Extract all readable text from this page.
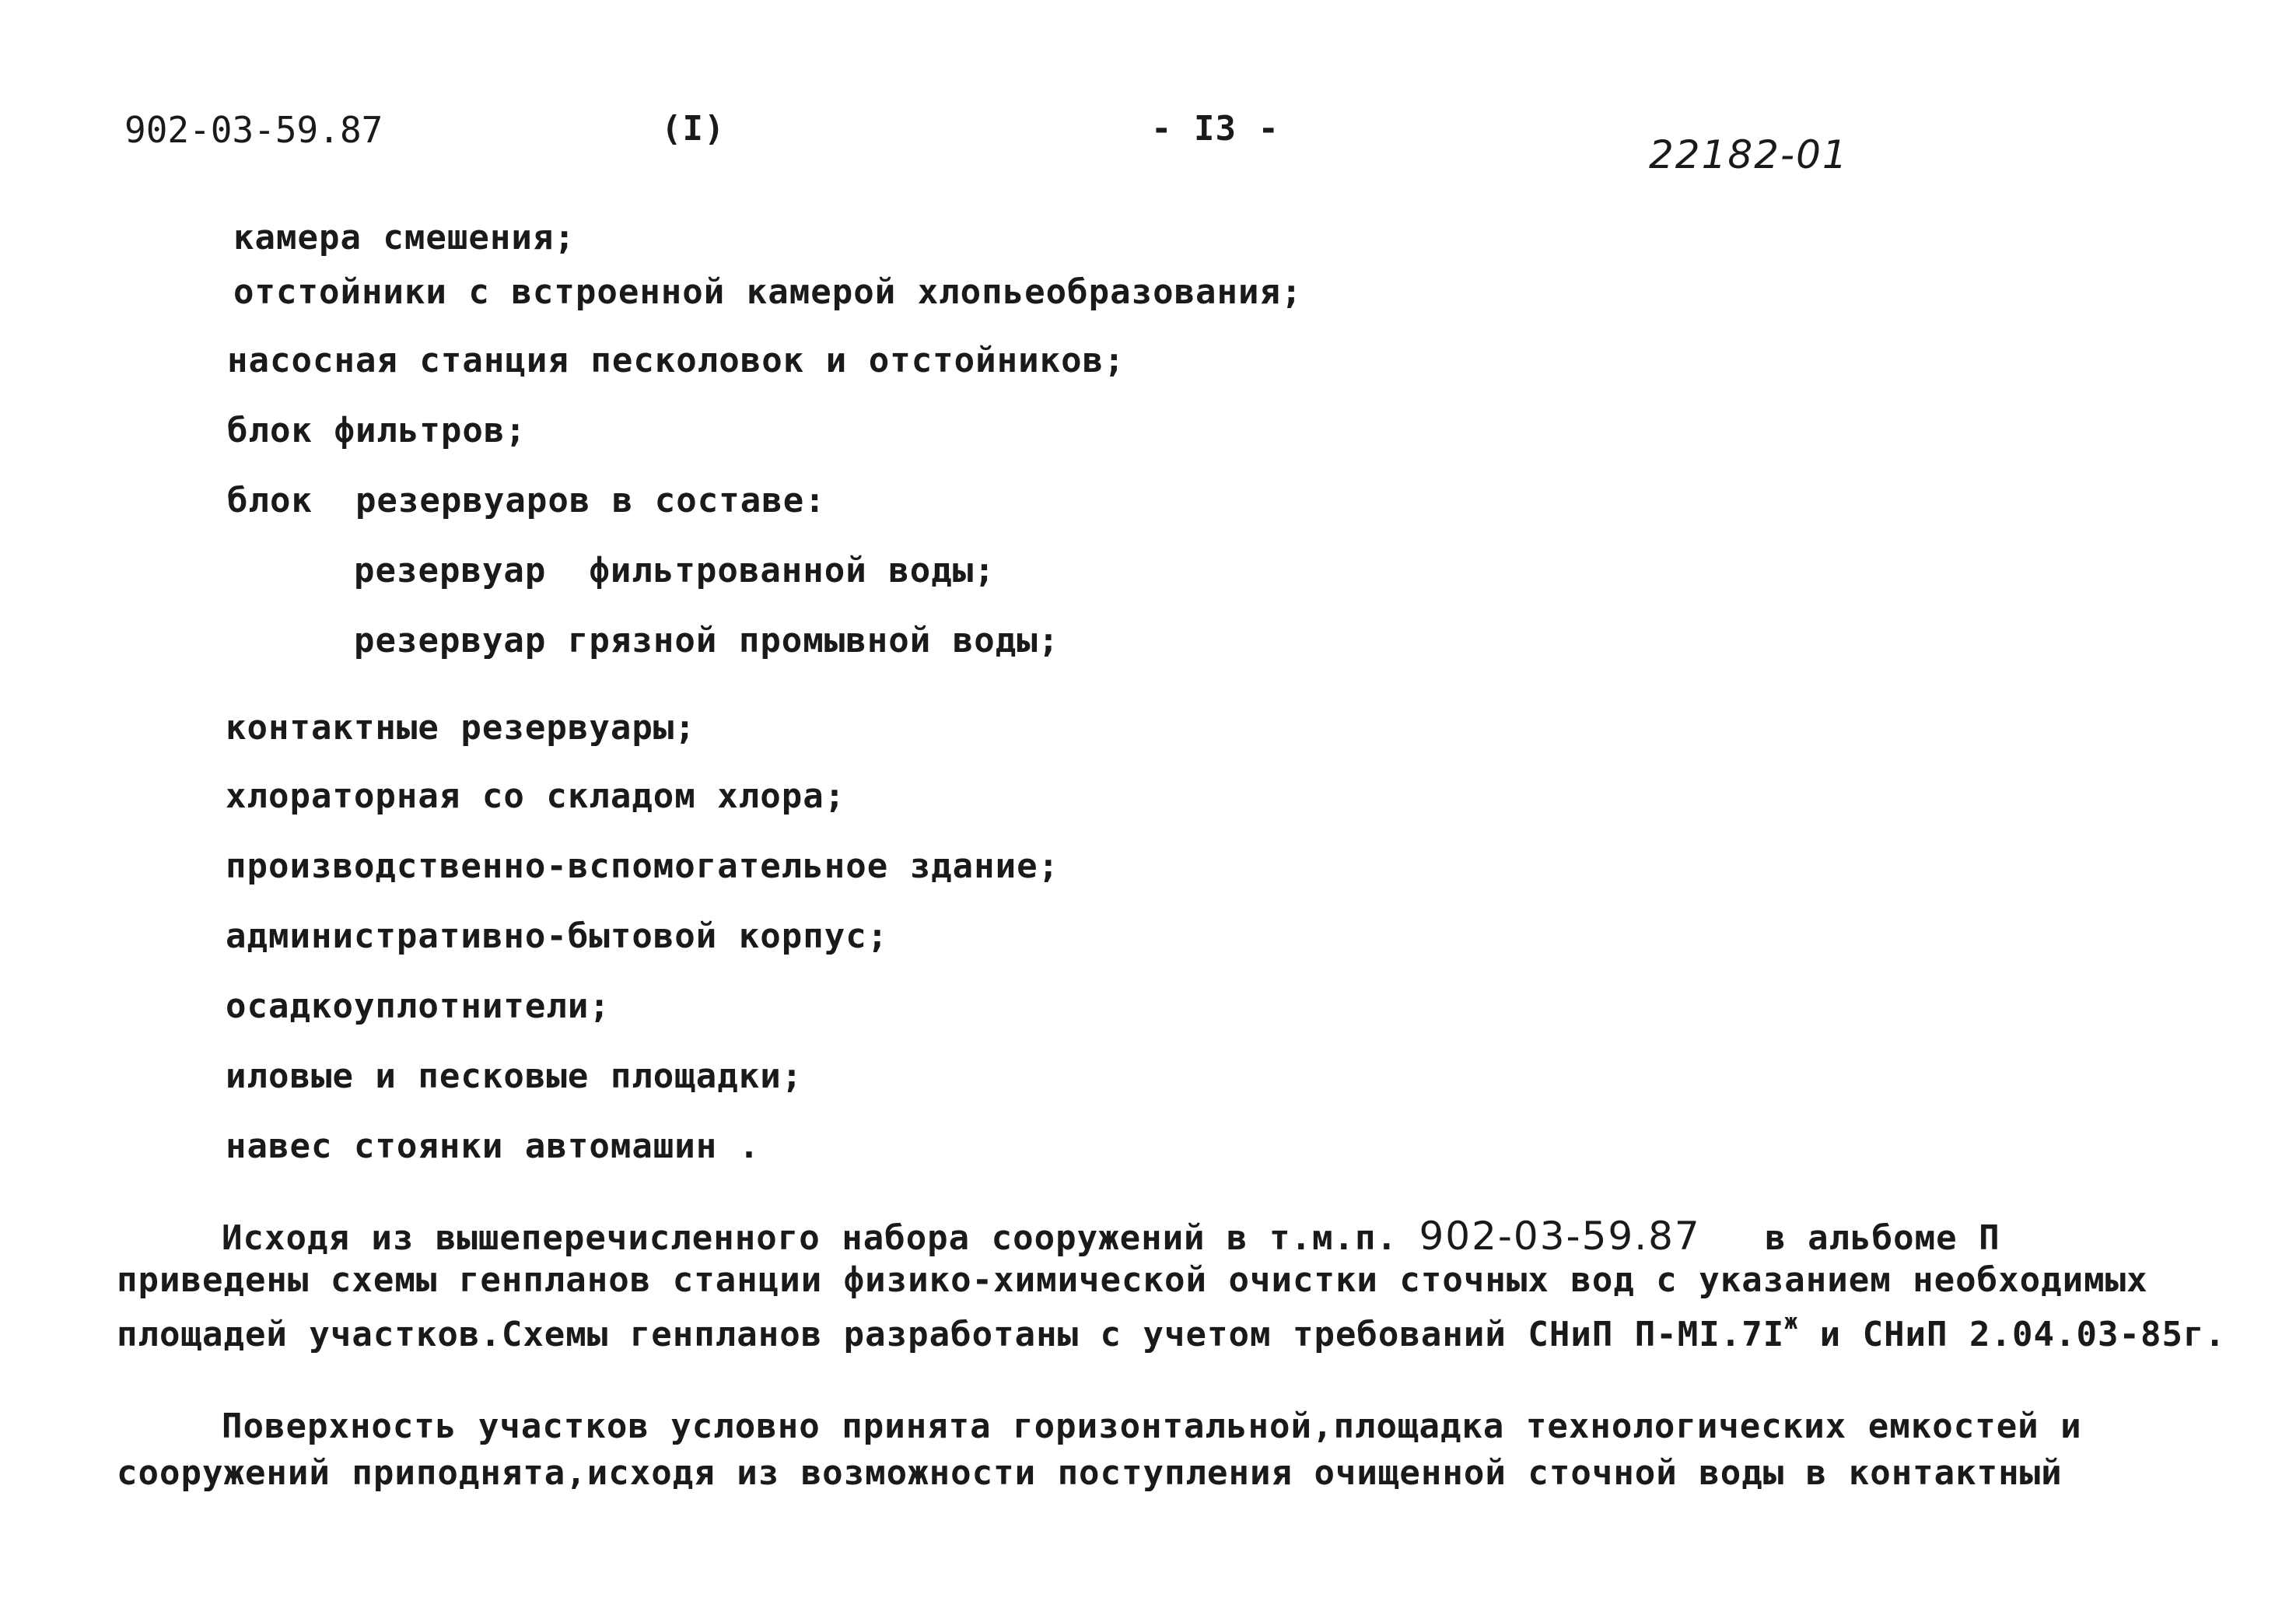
902-03-59.87	(I)	- I3 -
22182-01
камера смешения;
отстойники с встроенной камерой хлопьеобразования;
насосная станция песколовок и отстойников;
блок фильтров;
блок  резервуаров в составе:
резервуар  фильтрованной воды;
резервуар грязной промывной воды;
контактные резервуары;
хлораторная со складом хлора;
производственно-вспомогательное здание;
административно-бытовой корпус;
осадкоуплотнители;
иловые и песковые площадки;
навес стоянки автомашин .
Исходя из вышеперечисленного набора сооружений в т.м.п. 902-03-59.87   в альбоме П
приведены схемы генпланов станции физико-химической очистки сточных вод с указанием необходимых
площадей участков.Схемы генпланов разработаны с учетом требований СНиП $П-МI.7I^ж$ и СНиП 2.04.03-85г.
Поверхность участков условно принята горизонтальной,площадка технологических емкостей и
сооружений приподнята,исходя из возможности поступления очищенной сточной воды в контактный
